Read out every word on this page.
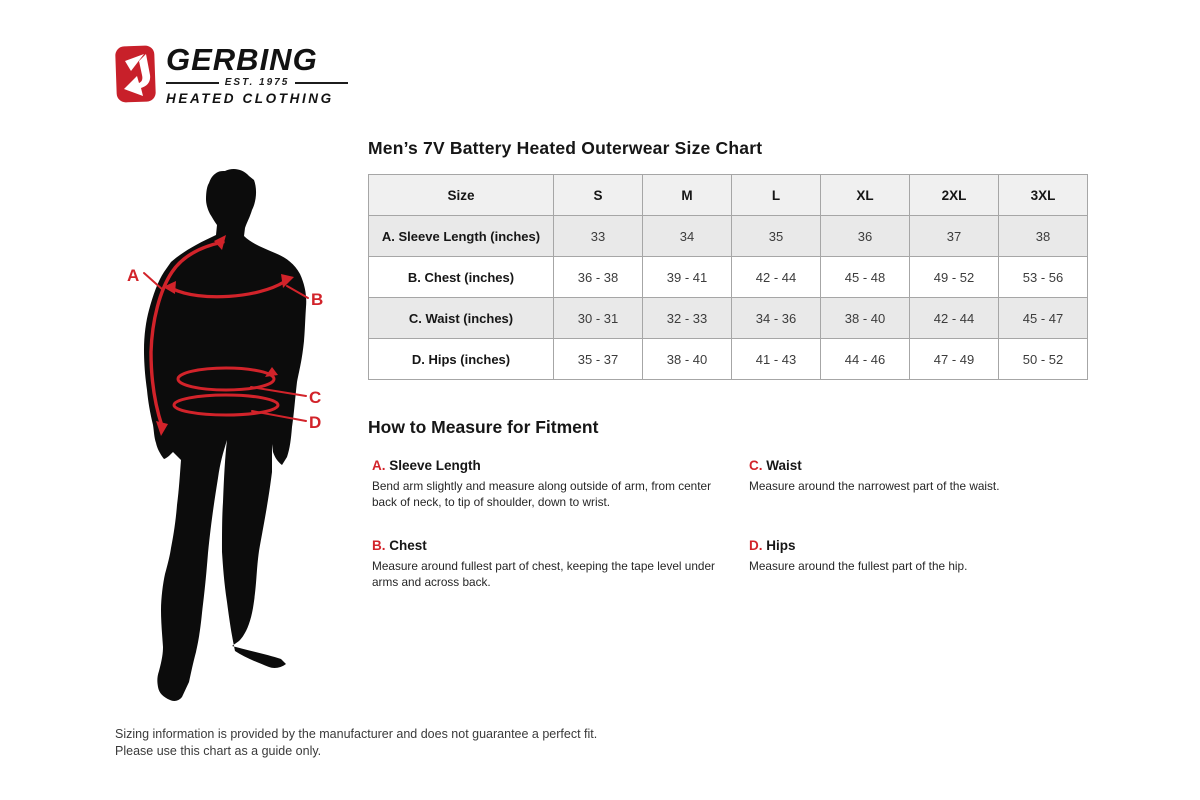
GERBING
EST. 1975
HEATED CLOTHING
A
B
C
D
Men’s 7V Battery Heated Outerwear Size Chart
Size	S	M	L	XL	2XL	3XL
A. Sleeve Length (inches)	33	34	35	36	37	38
B. Chest (inches)	36 - 38	39 - 41	42 - 44	45 - 48	49 - 52	53 - 56
C. Waist (inches)	30 - 31	32 - 33	34 - 36	38 - 40	42 - 44	45 - 47
D. Hips (inches)	35 - 37	38 - 40	41 - 43	44 - 46	47 - 49	50 - 52
How to Measure for Fitment
A. Sleeve Length

Bend arm slightly and measure along outside of arm, from center back of neck, to tip of shoulder, down to wrist.

C. Waist

Measure around the narrowest part of the waist.

B. Chest

Measure around fullest part of chest, keeping the tape level under arms and across back.

D. Hips

Measure around the fullest part of the hip.

Sizing information is provided by the manufacturer and does not guarantee a perfect fit.
Please use this chart as a guide only.
